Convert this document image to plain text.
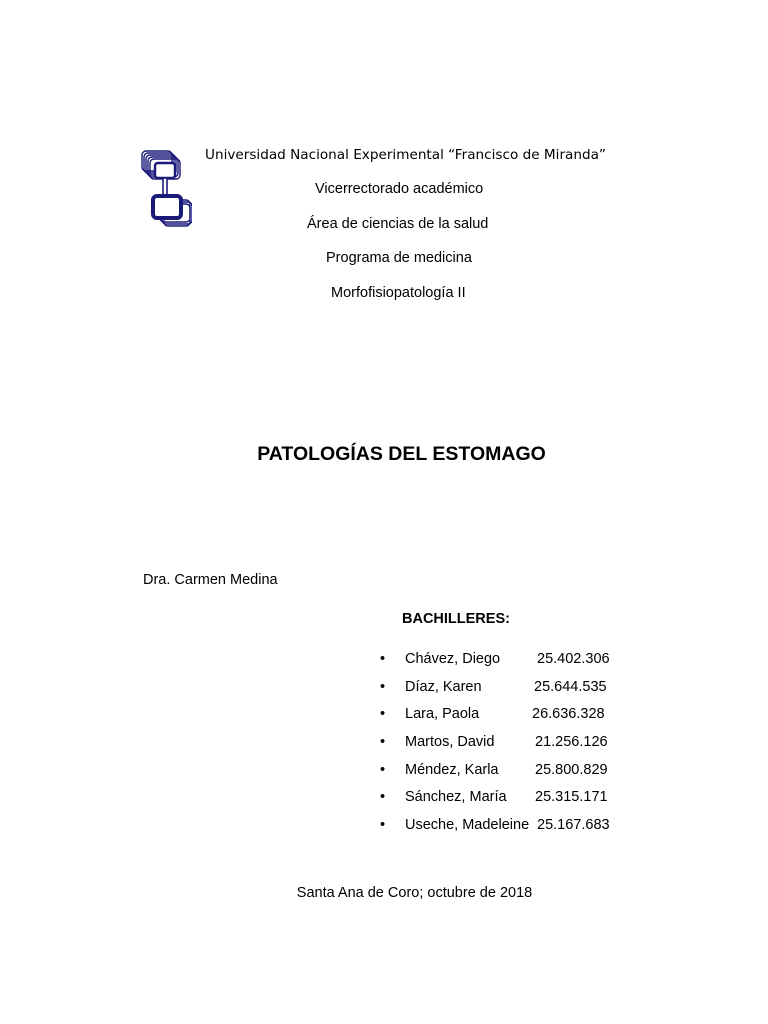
Universidad Nacional Experimental “Francisco de Miranda”
Vicerrectorado académico
Área de ciencias de la salud
Programa de medicina
Morfofisiopatología II
PATOLOGÍAS DEL ESTOMAGO
Dra. Carmen Medina
BACHILLERES:
• Chávez, Diego	25.402.306
• Díaz, Karen	25.644.535
• Lara, Paola	26.636.328
• Martos, David	21.256.126
• Méndez, Karla	25.800.829
• Sánchez, María 25.315.171
• Useche, Madeleine 25.167.683
Santa Ana de Coro; octubre de 2018
